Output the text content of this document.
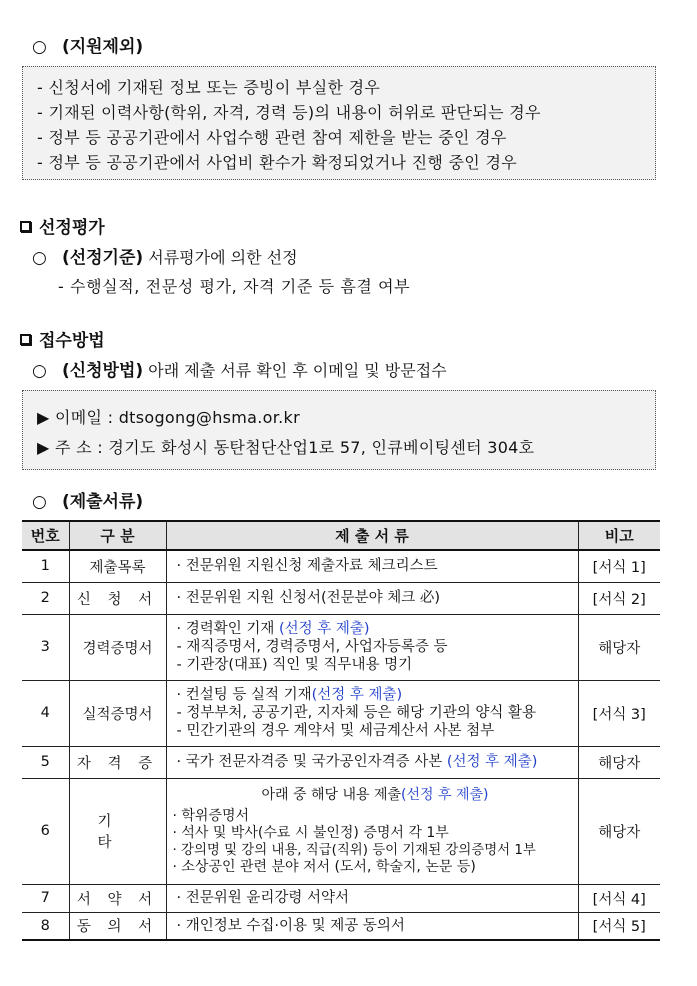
○ (지원제외)
- 신청서에 기재된 정보 또는 증빙이 부실한 경우
- 기재된 이력사항(학위, 자격, 경력 등)의 내용이 허위로 판단되는 경우
- 정부 등 공공기관에서 사업수행 관련 참여 제한을 받는 중인 경우
- 정부 등 공공기관에서 사업비 환수가 확정되었거나 진행 중인 경우
선정평가
○ (선정기준) 서류평가에 의한 선정
- 수행실적, 전문성 평가, 자격 기준 등 흠결 여부
접수방법
○ (신청방법) 아래 제출 서류 확인 후 이메일 및 방문접수
▶ 이메일 : dtsogong@hsma.or.kr
▶ 주 소 : 경기도 화성시 동탄첨단산업1로 57, 인큐베이팅센터 304호
○ (제출서류)
번호	구 분	제 출 서 류	비고
1	제출목록	· 전문위원 지원신청 제출자료 체크리스트	[서식 1]
2	신 청 서	· 전문위원 지원 신청서(전문분야 체크 必)	[서식 2]
3	경력증명서	· 경력확인 기재 (선정 후 제출)
- 재직증명서, 경력증명서, 사업자등록증 등
- 기관장(대표) 직인 및 직무내용 명기	해당자
4	실적증명서	· 컨설팅 등 실적 기재(선정 후 제출)
- 정부부처, 공공기관, 지자체 등은 해당 기관의 양식 활용
- 민간기관의 경우 계약서 및 세금계산서 사본 첨부	[서식 3]
5	자 격 증	· 국가 전문자격증 및 국가공인자격증 사본 (선정 후 제출)	해당자
6	기 타	아래 중 해당 내용 제출(선정 후 제출)
· 학위증명서
· 석사 및 박사(수료 시 불인정) 증명서 각 1부
· 강의명 및 강의 내용, 직급(직위) 등이 기재된 강의증명서 1부
· 소상공인 관련 분야 저서 (도서, 학술지, 논문 등)	해당자
7	서 약 서	· 전문위원 윤리강령 서약서	[서식 4]
8	동 의 서	· 개인정보 수집·이용 및 제공 동의서	[서식 5]
